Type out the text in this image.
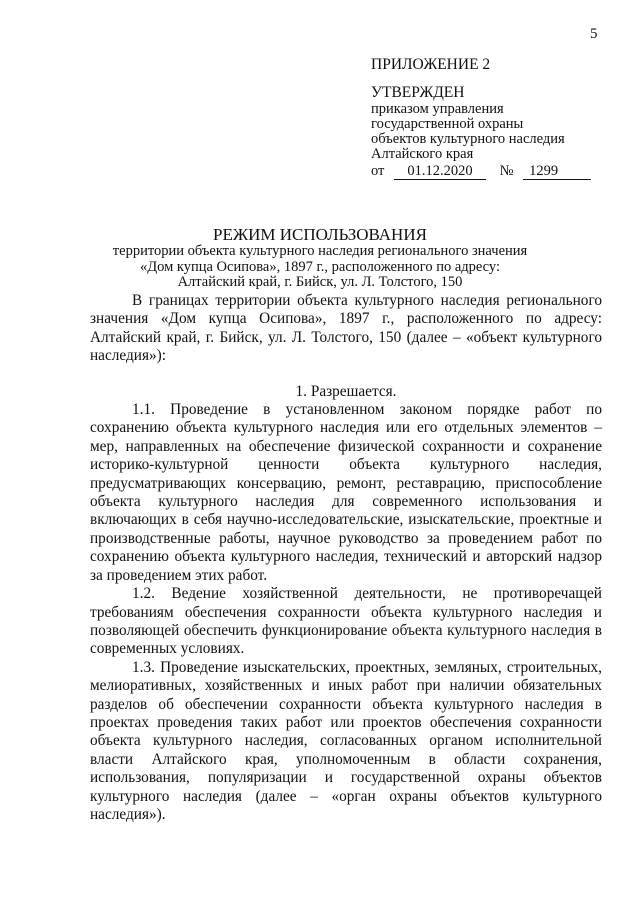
5
ПРИЛОЖЕНИЕ 2
УТВЕРЖДЕН
приказом управления
государственной охраны
объектов культурного наследия
Алтайского края
от 01.12.2020 № 1299
РЕЖИМ ИСПОЛЬЗОВАНИЯ
территории объекта культурного наследия регионального значения
«Дом купца Осипова», 1897 г., расположенного по адресу:
Алтайский край, г. Бийск, ул. Л. Толстого, 150

В границах территории объекта культурного наследия регионального значения «Дом купца Осипова», 1897 г., расположенного по адресу: Алтайский край, г. Бийск, ул. Л. Толстого, 150 (далее – «объект культурного наследия»):

1. Разрешается.

1.1. Проведение в установленном законом порядке работ по сохранению объекта культурного наследия или его отдельных элементов – мер, направленных на обеспечение физической сохранности и сохранение историко-культурной ценности объекта культурного наследия, предусматривающих консервацию, ремонт, реставрацию, приспособление объекта культурного наследия для современного использования и включающих в себя научно-исследовательские, изыскательские, проектные и производственные работы, научное руководство за проведением работ по сохранению объекта культурного наследия, технический и авторский надзор за проведением этих работ.

1.2. Ведение хозяйственной деятельности, не противоречащей требованиям обеспечения сохранности объекта культурного наследия и позволяющей обеспечить функционирование объекта культурного наследия в современных условиях.

1.3. Проведение изыскательских, проектных, земляных, строительных, мелиоративных, хозяйственных и иных работ при наличии обязательных разделов об обеспечении сохранности объекта культурного наследия в проектах проведения таких работ или проектов обеспечения сохранности объекта культурного наследия, согласованных органом исполнительной власти Алтайского края, уполномоченным в области сохранения, использования, популяризации и государственной охраны объектов культурного наследия (далее – «орган охраны объектов культурного наследия»).
